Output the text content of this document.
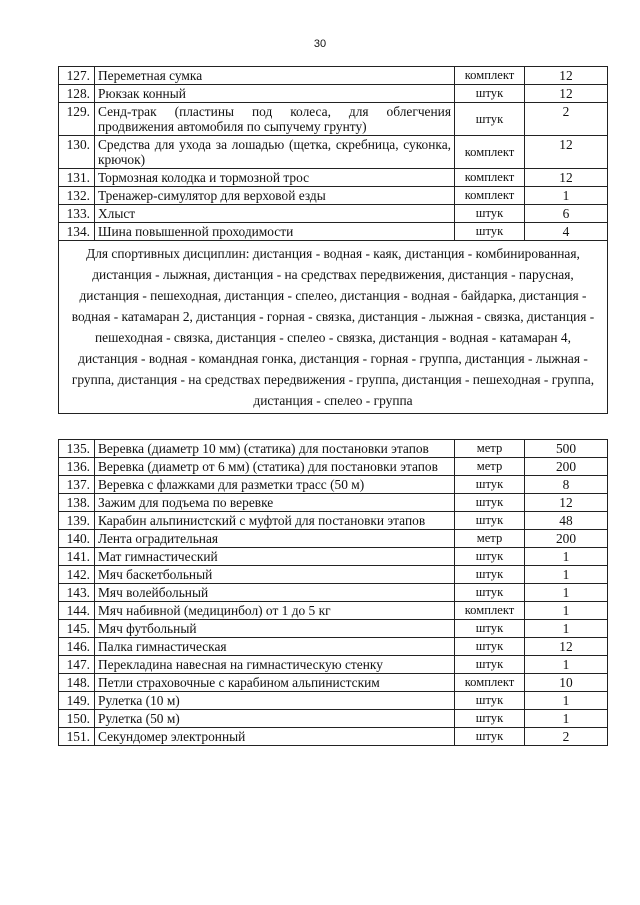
30
127.	Переметная сумка	комплект	12
128.	Рюкзак конный	штук	12
129.	Сенд-трак (пластины под колеса, для облегчения продвижения автомобиля по сыпучему грунту)	штук	2
130.	Средства для ухода за лошадью (щетка, скребница, суконка, крючок)	комплект	12
131.	Тормозная колодка и тормозной трос	комплект	12
132.	Тренажер-симулятор для верховой езды	комплект	1
133.	Хлыст	штук	6
134.	Шина повышенной проходимости	штук	4
Для спортивных дисциплин: дистанция - водная - каяк, дистанция - комбинированная, дистанция - лыжная, дистанция - на средствах передвижения, дистанция - парусная, дистанция - пешеходная, дистанция - спелео, дистанция - водная - байдарка, дистанция - водная - катамаран 2, дистанция - горная - связка, дистанция - лыжная - связка, дистанция - пешеходная - связка, дистанция - спелео - связка, дистанция - водная - катамаран 4, дистанция - водная - командная гонка, дистанция - горная - группа, дистанция - лыжная - группа, дистанция - на средствах передвижения - группа, дистанция - пешеходная - группа, дистанция - спелео - группа			
135.	Веревка (диаметр 10 мм) (статика) для постановки этапов	метр	500
136.	Веревка (диаметр от 6 мм) (статика) для постановки этапов	метр	200
137.	Веревка с флажками для разметки трасс (50 м)	штук	8
138.	Зажим для подъема по веревке	штук	12
139.	Карабин альпинистский с муфтой для постановки этапов	штук	48
140.	Лента оградительная	метр	200
141.	Мат гимнастический	штук	1
142.	Мяч баскетбольный	штук	1
143.	Мяч волейбольный	штук	1
144.	Мяч набивной (медицинбол) от 1 до 5 кг	комплект	1
145.	Мяч футбольный	штук	1
146.	Палка гимнастическая	штук	12
147.	Перекладина навесная на гимнастическую стенку	штук	1
148.	Петли страховочные с карабином альпинистским	комплект	10
149.	Рулетка (10 м)	штук	1
150.	Рулетка (50 м)	штук	1
151.	Секундомер электронный	штук	2
